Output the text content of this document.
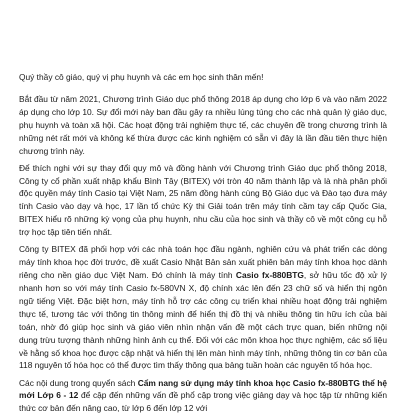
Quý thầy cô giáo, quý vị phụ huynh và các em học sinh thân mến!

Bắt đầu từ năm 2021, Chương trình Giáo dục phổ thông 2018 áp dụng cho lớp 6 và vào năm 2022 áp dụng cho lớp 10. Sự đổi mới này ban đầu gây ra nhiều lúng túng cho các nhà quản lý giáo dục, phụ huynh và toàn xã hội. Các hoạt động trải nghiệm thực tế, các chuyên đề trong chương trình là những nét rất mới và không kế thừa được các kinh nghiệm có sẵn vì đây là lần đầu tiên thực hiện chương trình này.

Để thích nghi với sự thay đổi quy mô và đồng hành với Chương trình Giáo dục phổ thông 2018, Công ty cổ phần xuất nhập khẩu Bình Tây (BITEX) với tròn 40 năm thành lập và là nhà phân phối độc quyền máy tính Casio tại Việt Nam, 25 năm đồng hành cùng Bộ Giáo dục và Đào tạo đưa máy tính Casio vào dạy và học, 17 lần tổ chức Kỳ thi Giải toán trên máy tính cầm tay cấp Quốc Gia, BITEX hiểu rõ những kỳ vọng của phụ huynh, nhu cầu của học sinh và thầy cô về một công cụ hỗ trợ học tập tiên tiến nhất.

Công ty BITEX đã phối hợp với các nhà toán học đầu ngành, nghiên cứu và phát triển các dòng máy tính khoa học đời trước, đề xuất Casio Nhật Bản sản xuất phiên bản máy tính khoa học dành riêng cho nền giáo dục Việt Nam. Đó chính là máy tính Casio fx-880BTG, sở hữu tốc độ xử lý nhanh hơn so với máy tính Casio fx-580VN X, độ chính xác lên đến 23 chữ số và hiển thị ngôn ngữ tiếng Việt. Đặc biệt hơn, máy tính hỗ trợ các công cụ triển khai nhiều hoạt động trải nghiệm thực tế, tương tác với thông tin thông minh để hiển thị đồ thị và nhiều thông tin hữu ích của bài toán, nhờ đó giúp học sinh và giáo viên nhìn nhận vấn đề một cách trực quan, biến những nội dung trừu tượng thành những hình ảnh cụ thể. Đối với các môn khoa học thực nghiệm, các số liệu về hằng số khoa học được cập nhật và hiển thị lên màn hình máy tính, những thông tin cơ bản của 118 nguyên tố hóa học có thể được tìm thấy thông qua bảng tuần hoàn các nguyên tố hóa học.

Các nội dung trong quyển sách Cẩm nang sử dụng máy tính khoa học Casio fx-880BTG thể hệ mới Lớp 6 - 12 để cập đến những vấn đề phổ cập trong việc giảng dạy và học tập từ những kiến thức cơ bản đến nâng cao, từ lớp 6 đến lớp 12 với
